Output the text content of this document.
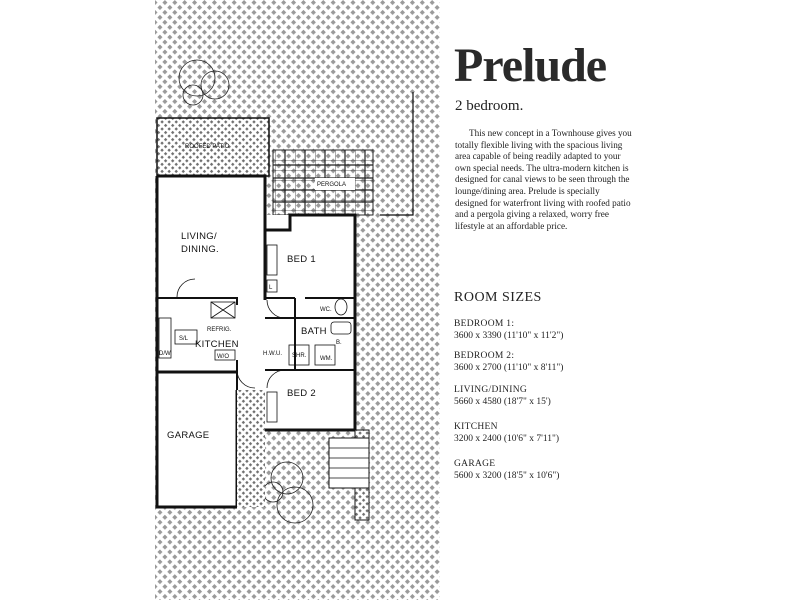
ROOFED PATIO
PERGOLA
LIVING/
DINING.
BED 1
BATH
KITCHEN
BED 2
GARAGE
WC.
WM.
SHR.
B.
REFRIG.
S/L
D/W	W/O
L
H.W.U.
Prelude
2 bedroom.
This new concept in a Townhouse gives you totally flexible living with the spacious living area capable of being readily adapted to your own special needs. The ultra-modern kitchen is designed for canal views to be seen through the lounge/dining area. Prelude is specially designed for waterfront living with roofed patio and a pergola giving a relaxed, worry free lifestyle at an affordable price.
ROOM SIZES
BEDROOM 1:
3600 x 3390 (11'10" x 11'2")
BEDROOM 2:
3600 x 2700 (11'10" x 8'11")
LIVING/DINING
5660 x 4580 (18'7" x 15')
KITCHEN
3200 x 2400 (10'6" x 7'11")
GARAGE
5600 x 3200 (18'5" x 10'6")
